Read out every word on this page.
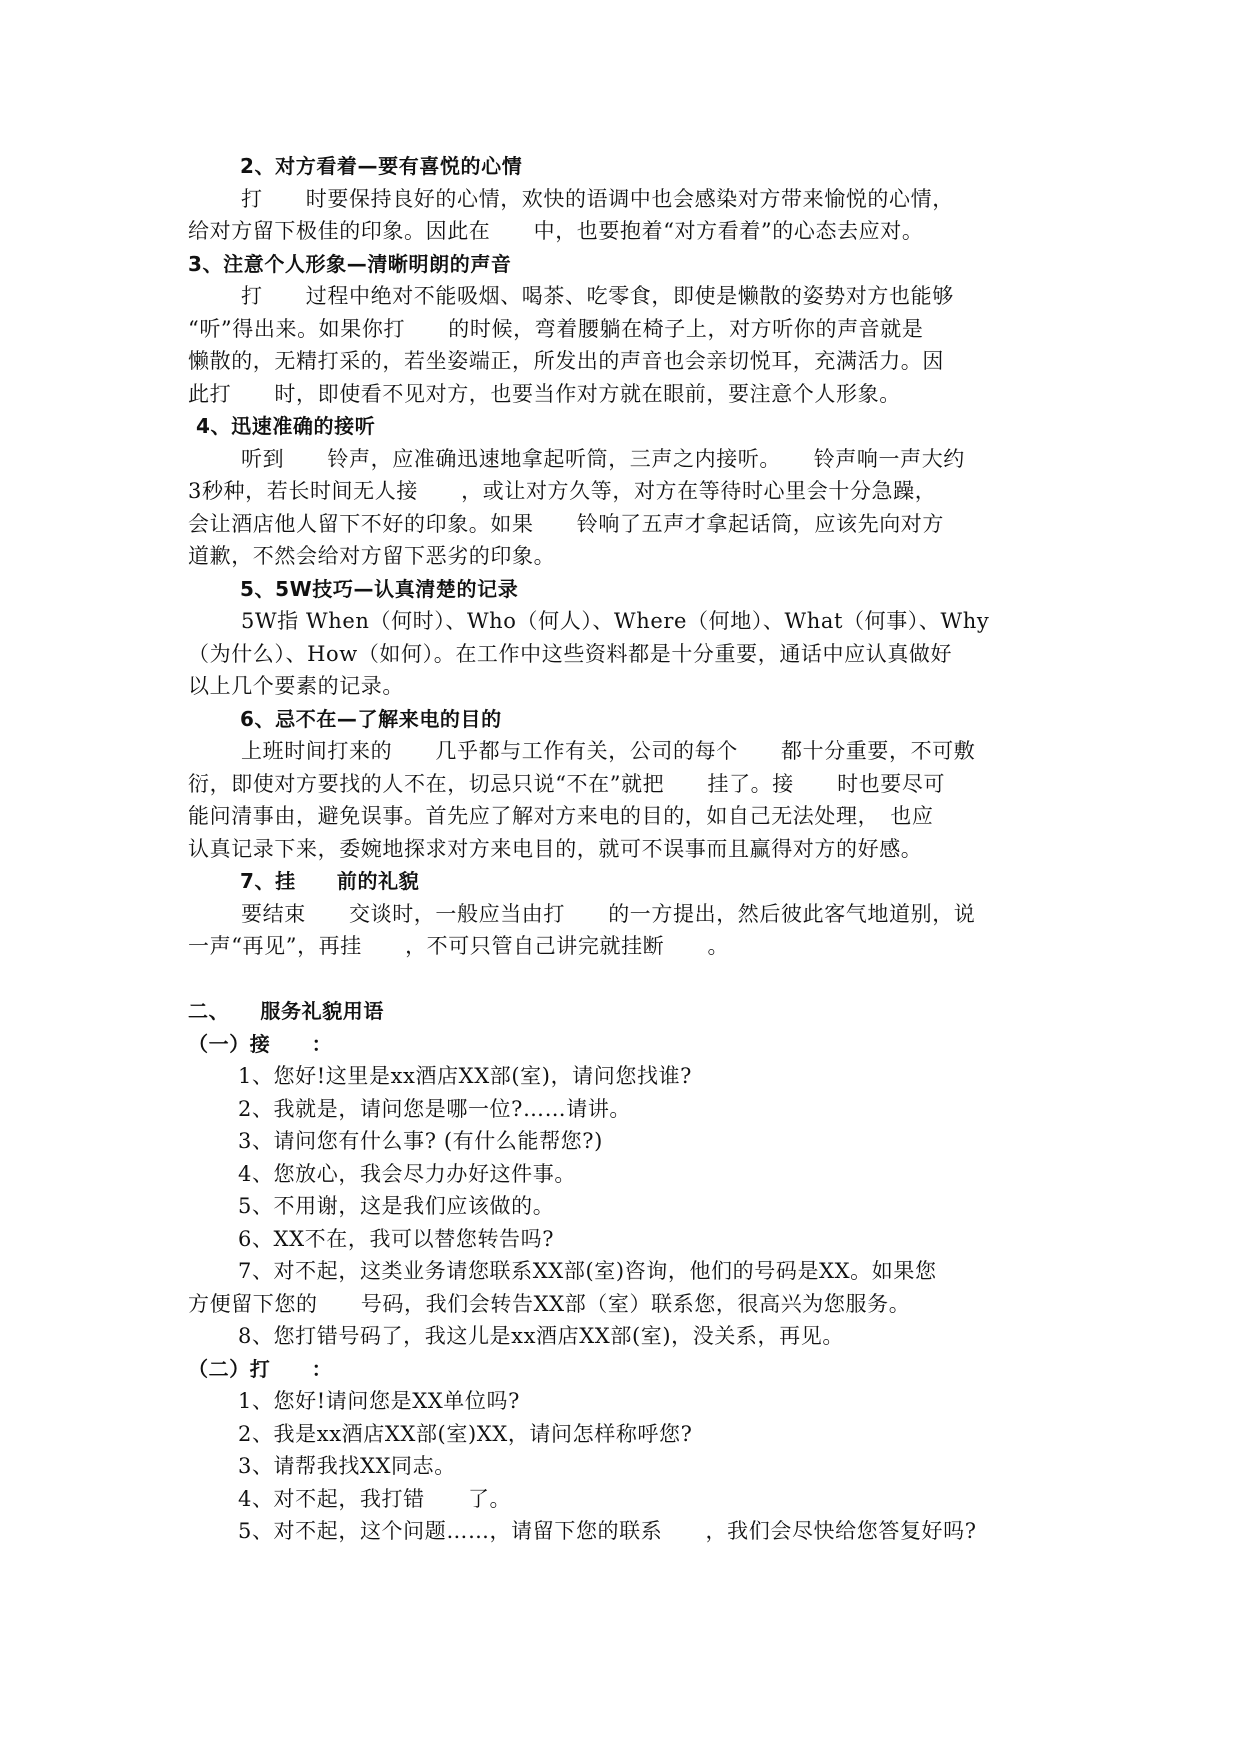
2、对方看着—要有喜悦的心情
打　　时要保持良好的心情，欢快的语调中也会感染对方带来愉悦的心情，
给对方留下极佳的印象。因此在　　中，也要抱着“对方看着”的心态去应对。
3、注意个人形象—清晰明朗的声音
打　　过程中绝对不能吸烟、喝茶、吃零食，即使是懒散的姿势对方也能够
“听”得出来。如果你打　　的时候，弯着腰躺在椅子上，对方听你的声音就是
懒散的，无精打采的，若坐姿端正，所发出的声音也会亲切悦耳，充满活力。因
此打　　时，即使看不见对方，也要当作对方就在眼前，要注意个人形象。
4、迅速准确的接听
听到　　铃声，应准确迅速地拿起听筒，三声之内接听。　　铃声响一声大约
3秒种，若长时间无人接　　，或让对方久等，对方在等待时心里会十分急躁，
会让酒店他人留下不好的印象。如果　　铃响了五声才拿起话筒，应该先向对方
道歉，不然会给对方留下恶劣的印象。
5、5W技巧—认真清楚的记录
5W指 When（何时）、Who（何人）、Where（何地）、What（何事）、Why
（为什么）、How（如何）。在工作中这些资料都是十分重要，通话中应认真做好
以上几个要素的记录。
6、忌不在—了解来电的目的
上班时间打来的　　几乎都与工作有关，公司的每个　　都十分重要，不可敷
衍，即使对方要找的人不在，切忌只说“不在”就把　　挂了。接　　时也要尽可
能问清事由，避免误事。首先应了解对方来电的目的，如自己无法处理，　也应
认真记录下来，委婉地探求对方来电目的，就可不误事而且赢得对方的好感。
7、挂　　前的礼貌
要结束　　交谈时，一般应当由打　　的一方提出，然后彼此客气地道别，说
一声“再见”，再挂　　，不可只管自己讲完就挂断　　。
二、　　服务礼貌用语
（一）接　　：
1、您好!这里是xx酒店XX部(室)，请问您找谁?
2、我就是，请问您是哪一位?……请讲。
3、请问您有什么事? (有什么能帮您?)
4、您放心，我会尽力办好这件事。
5、不用谢，这是我们应该做的。
6、XX不在，我可以替您转告吗?
7、对不起，这类业务请您联系XX部(室)咨询，他们的号码是XX。如果您
方便留下您的　　号码，我们会转告XX部（室）联系您，很高兴为您服务。
8、您打错号码了，我这儿是xx酒店XX部(室)，没关系，再见。
（二）打　　：
1、您好!请问您是XX单位吗?
2、我是xx酒店XX部(室)XX，请问怎样称呼您?
3、请帮我找XX同志。
4、对不起，我打错　　了。
5、对不起，这个问题……，请留下您的联系　　，我们会尽快给您答复好吗?
